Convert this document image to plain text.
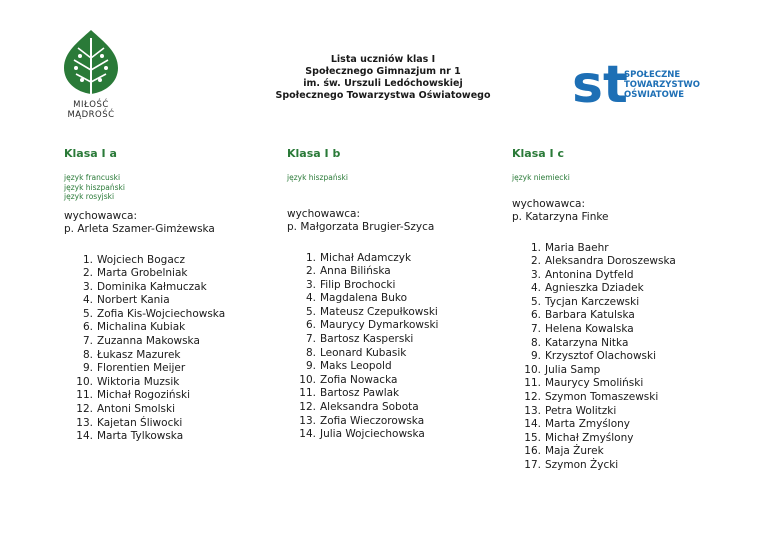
MIŁOŚĆ
MĄDROŚĆ
Lista uczniów klas I
Społecznego Gimnazjum nr 1
im. św. Urszuli Ledóchowskiej
Społecznego Towarzystwa Oświatowego st
SPOŁECZNE
TOWARZYSTWO
OŚWIATOWE
Klasa I a
język francuski
język hiszpański
język rosyjski
wychowawca:
p. Arleta Szamer-Gimżewska
1. Wojciech Bogacz
2. Marta Grobelniak
3. Dominika Kałmuczak
4. Norbert Kania
5. Zofia Kis-Wojciechowska
6. Michalina Kubiak
7. Zuzanna Makowska
8. Łukasz Mazurek
9. Florentien Meijer
10. Wiktoria Muzsik
11. Michał Rogoziński
12. Antoni Smolski
13. Kajetan Śliwocki
14. Marta Tylkowska
Klasa I b
język hiszpański
wychowawca:
p. Małgorzata Brugier-Szyca
1. Michał Adamczyk
2. Anna Bilińska
3. Filip Brochocki
4. Magdalena Buko
5. Mateusz Czepułkowski
6. Maurycy Dymarkowski
7. Bartosz Kasperski
8. Leonard Kubasik
9. Maks Leopold
10. Zofia Nowacka
11. Bartosz Pawlak
12. Aleksandra Sobota
13. Zofia Wieczorowska
14. Julia Wojciechowska
Klasa I c
język niemiecki
wychowawca:
p. Katarzyna Finke
1. Maria Baehr
2. Aleksandra Doroszewska
3. Antonina Dytfeld
4. Agnieszka Dziadek
5. Tycjan Karczewski
6. Barbara Katulska
7. Helena Kowalska
8. Katarzyna Nitka
9. Krzysztof Olachowski
10. Julia Samp
11. Maurycy Smoliński
12. Szymon Tomaszewski
13. Petra Wolitzki
14. Marta Zmyślony
15. Michał Zmyślony
16. Maja Żurek
17. Szymon Życki
